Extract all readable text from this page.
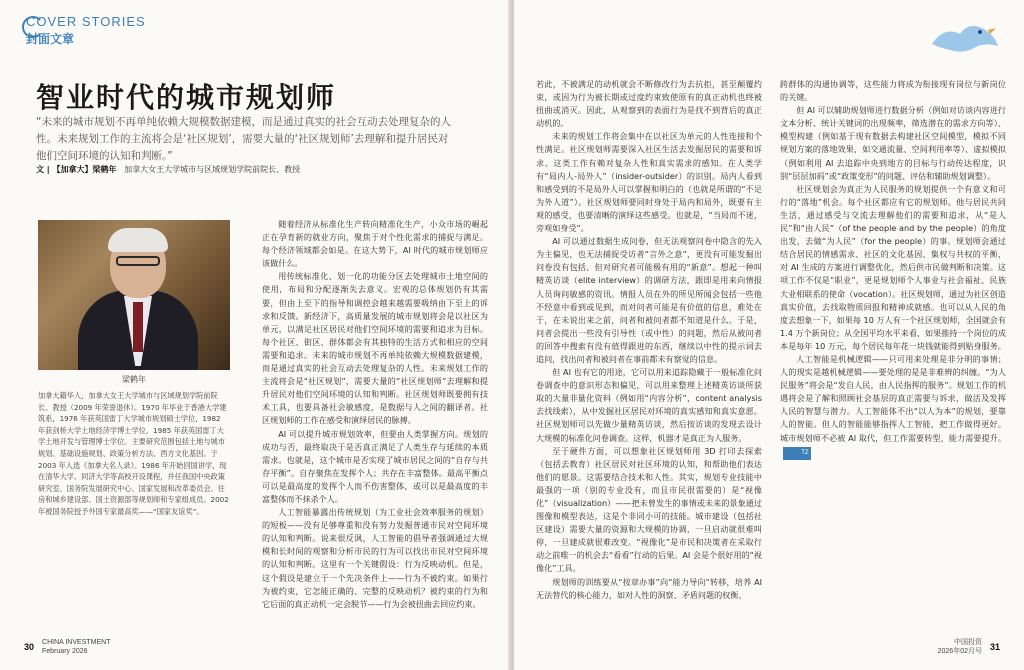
COVER STORIES
封面文章
智业时代的城市规划师
“未来的城市规划不再单纯依赖大规模数据建模，而是通过真实的社会互动去处理复杂的人性。未来规划工作的主流将会是‘社区规划’，需要大量的‘社区规划师’去理解和提升居民对他们空间环境的认知和判断。”
文 | 【加拿大】梁鹤年 加拿大女王大学城市与区域规划学院前院长、教授
梁鹤年
加拿大籍华人，加拿大女王大学城市与区域规划学院前院长、教授（2009 年荣誉退休）。1970 年毕业于香港大学建筑系，1976 年获英国雷丁大学城市规划硕士学位，1982 年获剑桥大学土地经济学博士学位，1985 年获英国雷丁大学土地开发与管理博士学位。主要研究范围包括土地与城市规划、基础设施规划、政策分析方法、西方文化基因。于 2003 年入选《加拿大名人录》。1986 年开始回国讲学，现在清华大学、同济大学等高校开设课程，并任我国中央政策研究室、国务院发展研究中心、国家发展和改革委员会、住房和城乡建设部、国土资源部等规划师和专家组成员。2002 年被国务院授予外国专家最高奖——“国家友谊奖”。

随着经济从标准化生产转向精准化生产，小众市场的崛起正在孕育新的就业方向，聚焦于对个性化需求的捕捉与满足。每个经济领域都会如是。在这大势下，AI 时代的城市规划师应该做什么。

用传统标准化、划一化的功能分区去处理城市土地空间的使用，布局和分配逐渐失去意义。宏观的总体规划仍有其需要，但由上至下的指导和调控会越来越需要吸纳由下至上的诉求和反馈。新经济下，高质量发展的城市规划将会是以社区为单元，以满足社区居民对他们空间环境的需要和追求为目标。每个社区、街区、群体都会有其独特的生活方式和相应的空间需要和追求。未来的城市规划不再单纯依赖大规模数据建模，而是通过真实的社会互动去处理复杂的人性。未来规划工作的主流将会是“社区规划”，需要大量的“社区规划师”去理解和提升居民对他们空间环境的认知和判断。社区规划师既要拥有技术工具，也要具备社会敏感度，是数据与人之间的翻译者。社区规划师的工作在感受和演绎居民的脉搏。

AI 可以提升城市规划效率，但要由人类掌握方向。规划的成功与否，最终取决于是否真正满足了人类生存与延续的本质需求。也就是，这个城市是否实现了城市居民之间的“自存与共存平衡”。自存聚焦在发挥个人；共存在丰富整体。最高平衡点可以是最高度的发挥个人而不伤害整体，或可以是最高度的丰富整体而不抹杀个人。

人工智能暴露出传统规划（为工业社会效率服务的规划）的短板——没有足够尊重和没有努力发掘普通市民对空间环境的认知和判断。说来很反讽，人工智能的倡导者强调通过大规模和长时间的观察和分析市民的行为可以找出市民对空间环境的认知和判断。这里有一个关键假设：行为反映动机。但是，这个假设是建立于一个先决条件上——行为不被约束。如果行为被约束，它怎能正确的、完整的反映动机？被约束的行为和它后面的真正动机一定会脱节——行为会被扭曲去回应约束。

30 CHINA INVESTMENT
February 2026

若此，不被满足的动机就会不断修改行为去抗拒，甚至颠覆约束，或因为行为被长期或过度约束致使原有的真正动机也终被扭曲或消灭。因此，从观察到的表面行为是找不到背后的真正动机的。

未来的规划工作将会集中在以社区为单元的人性连接和个性满足。社区规划师需要深入社区生活去发掘居民的需要和诉求。这类工作有赖对复杂人性和真实需求的感知。在人类学有“局内人-局外人”（insider-outsider）的识别。局内人看到和感受到的不是局外人可以掌握和明白的（也就是所谓的“不足为外人道”）。社区规划师要同时身处于局内和局外，既要有主观的感受，也要清晰的演绎这些感受。也就是，“当局而不迷，旁观如身受”。

AI 可以通过数据生成问卷，但无法观察问卷中隐含的先入为主偏见，也无法捕捉受访者“言外之意”，更没有可能发掘出问卷没有包括、但对研究者可能极有用的“新意”。想起一种叫精英访谈（elite interview）的调研方法，跟即是用来向情报人员询问敏感的资讯。情报人员在外的所见所闻会包括一些他不经意中看到或见到，而对问者可能是有价值的信息，难处在于，在未说出来之前，问者和被问者都不知道是什么。于是，问者会提出一些没有引导性（或中性）的问题，然后从被问者的回答中搜索有没有值得跟进的东西，继续以中性的提示词去追问，找出问者和被问者在事前都未有察觉的信息。

但 AI 也有它的用途，它可以用来追踪隐藏于一般标准化问卷调查中的意识形态和偏见，可以用来整理上述精英访谈所获取的大量非量化资料（例如用“内容分析”，content analysis 去找线索），从中发掘社区居民对环境的真实感知和真实意愿。社区规划师可以先做少量精英访谈，然后按访谈的发现去设计大规模的标准化问卷调查。这样，机器才是真正为人服务。

至于硬件方面，可以想象社区规划师用 3D 打印去探索（包括去教育）社区居民对社区环境的认知，和帮助他们表达他们的愿景。这需要结合技术和人性。其实，规划专业技能中最强的一项（别的专业没有，而且市民很需要的）是“视像化”（visualization）——把未曾发生的事情或未来的景象通过图像和模型表达，这是个非同小可的技能。城市建设（包括社区建设）需要大量的资源和大规模的协调，一旦启动就很难叫停，一旦建成就很难改变。“视像化”是市民和决策者在采取行动之前唯一的机会去“看看”行动的后果。AI 会是个很好用的“视像化”工具。

规划师的训练要从“按章办事”向“能力导向”转移，培养 AI 无法替代的核心能力，如对人性的洞察、矛盾问题的权衡、

跨群体的沟通协调等，这些能力将成为衔接现有岗位与新岗位的关键。

但 AI 可以辅助规划师进行数据分析（例如对访谈内容进行文本分析、统计关键词的出现频率，筛选潜在的需求方向等）、模型构建（例如基于现有数据去构建社区空间模型，模拟不同规划方案的落地效果，如交通流量、空间利用率等）、虚拟模拟（例如利用 AI 去追踪中央到地方的目标与行动传达程度，识别“层层加码”或“政策变形”的问题、评估和辅助规划调整）。

社区规划会为真正为人民服务的规划提供一个有意义和可行的“落地”机会。每个社区都应有它的规划师。他与居民共同生活，通过感受与交流去理解他们的需要和追求，从“是人民”和“由人民”（of the people and by the people）的角度出发，去做“为人民”（for the people）的事。规划师会通过结合居民的情感需求、社区的文化基因、集权与共权的平衡，对 AI 生成的方案进行调整优化，然后供市民做判断和决策。这项工作不仅是“职业”，更是规划师个人事业与社会福祉、民族大业相联系的使命（vocation）。社区规划师，通过为社区创造真实价值，去找取物质回报和精神成就感。也可以从人民的角度去想象一下，如果每 10 万人有一个社区规划师，全国就会有 1.4 万个新岗位；从全国平均水平来看，如果推持一个岗位的成本是每年 10 万元，每个居民每年花一块钱就能得到贴身服务。

人工智能是机械逻辑——只可用来处理是非分明的事情；人的现实是越机械逻辑——要处理的是是非难辨的纠缠。“为人民服务”将会是“发自人民，由人民指挥的服务”。规划工作的机遇将会是了解和照顾社会基层的真正需要与诉求，做活及发挥人民的智慧与潜力。人工智能体不出“以人为本”的规划，要靠人的智能。但人的智能能够指挥人工智能，把工作做得更好。城市规划师不必被 AI 取代，但工作需要转型，能力需要提升。TZ

中国投资
2026年02月号 31
